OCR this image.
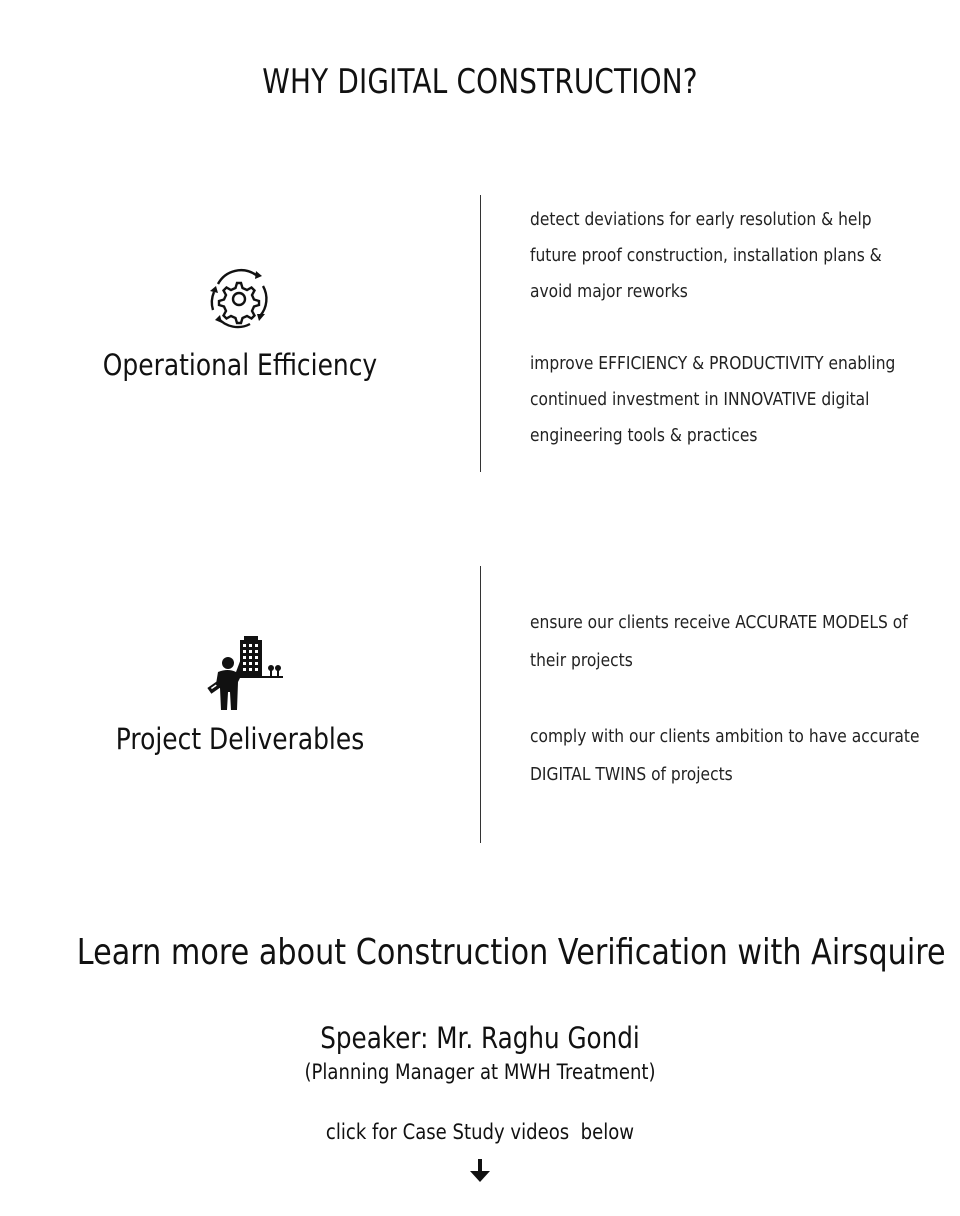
WHY DIGITAL CONSTRUCTION?
Operational Efficiency

detect deviations for early resolution & help future proof construction, installation plans & avoid major reworks

improve EFFICIENCY & PRODUCTIVITY enabling continued investment in INNOVATIVE digital engineering tools & practices

Project Deliverables

ensure our clients receive ACCURATE MODELS of their projects

comply with our clients ambition to have accurate DIGITAL TWINS of projects

Learn more about Construction Verification with Airsquire
Speaker: Mr. Raghu Gondi
(Planning Manager at MWH Treatment)
click for Case Study videos  below
